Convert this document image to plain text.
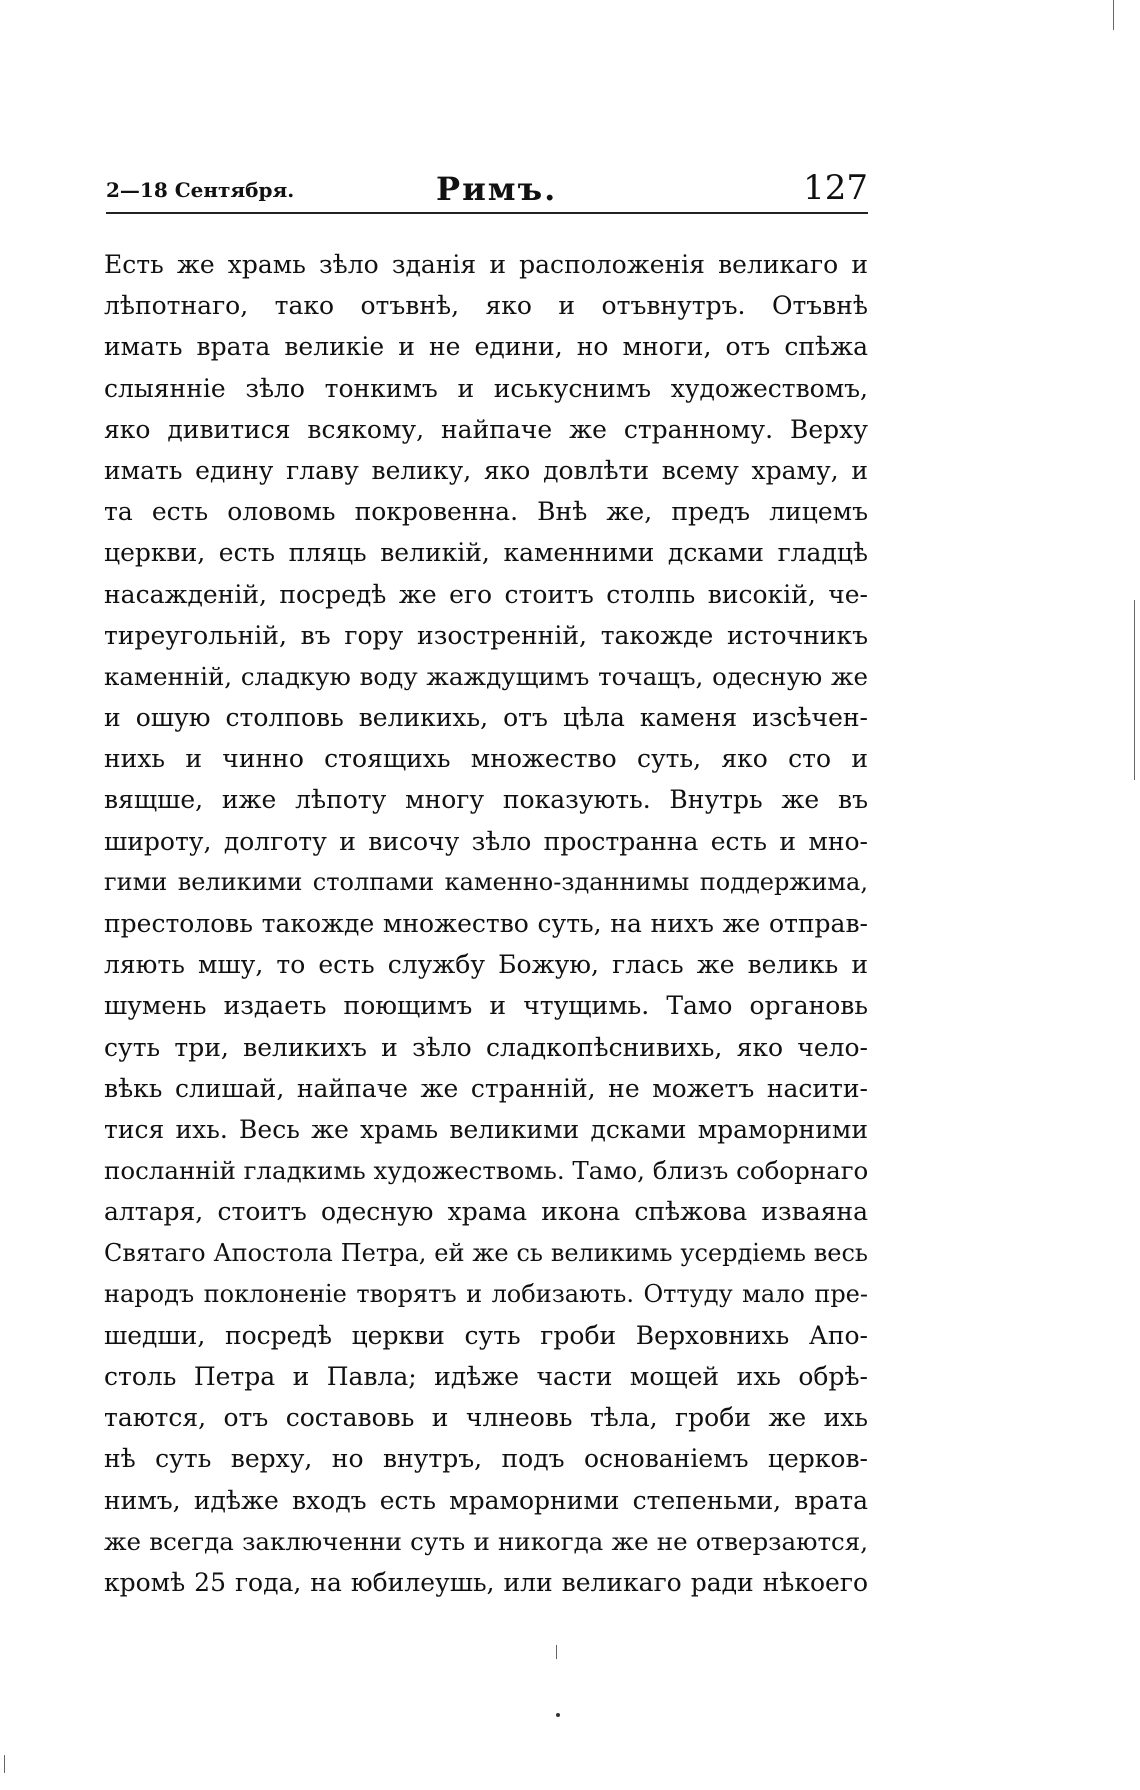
2—18 Сентября.	Римъ.	127
Есть же храмь зѣло зданія и расположенія великаго и
лѣпотнаго, тако отъвнѣ, яко и отъвнутръ. Отъвнѣ
имать врата великіе и не едини, но многи, отъ спѣжа
слыянніе зѣло тонкимъ и иськуснимъ художествомъ,
яко дивитися всякому, найпаче же странному. Верху
имать едину главу велику, яко довлѣти всему храму, и
та есть оловомь покровенна. Внѣ же, предъ лицемъ
церкви, есть пляць великій, каменними дсками гладцѣ
насажденій, посредѣ же его стоитъ столпь високій, че-
тиреугольній, въ гору изостренній, такожде источникъ
каменній, сладкую воду жаждущимъ точащъ, одесную же
и ошую столповь великихь, отъ цѣла каменя изсѣчен-
нихь и чинно стоящихь множество суть, яко сто и
вящше, иже лѣпоту многу показують. Внутрь же въ
широту, долготу и височу зѣло пространна есть и мно-
гими великими столпами каменно-зданнимы поддержима,
престоловь такожде множество суть, на нихъ же отправ-
ляють мшу, то есть службу Божую, глась же великь и
шумень издаеть поющимъ и чтущимь. Тамо органовь
суть три, великихъ и зѣло сладкопѣснивихь, яко чело-
вѣкь слишай, найпаче же странній, не можетъ насити-
тися ихь. Весь же храмь великими дсками мраморними
посланній гладкимь художествомь. Тамо, близъ соборнаго
алтаря, стоитъ одесную храма икона спѣжова изваяна
Святаго Апостола Петра, ей же сь великимь усердіемь весь
народъ поклоненіе творятъ и лобизають. Оттуду мало пре-
шедши, посредѣ церкви суть гроби Верховнихь Апо-
столь Петра и Павла; идѣже части мощей ихь обрѣ-
таются, отъ составовь и члнеовь тѣла, гроби же ихь
нѣ суть верху, но внутръ, подъ основаніемъ церков-
нимъ, идѣже входъ есть мраморними степеньми, врата
же всегда заключенни суть и никогда же не отверзаются,
кромѣ 25 года, на юбилеушь, или великаго ради нѣкоего
